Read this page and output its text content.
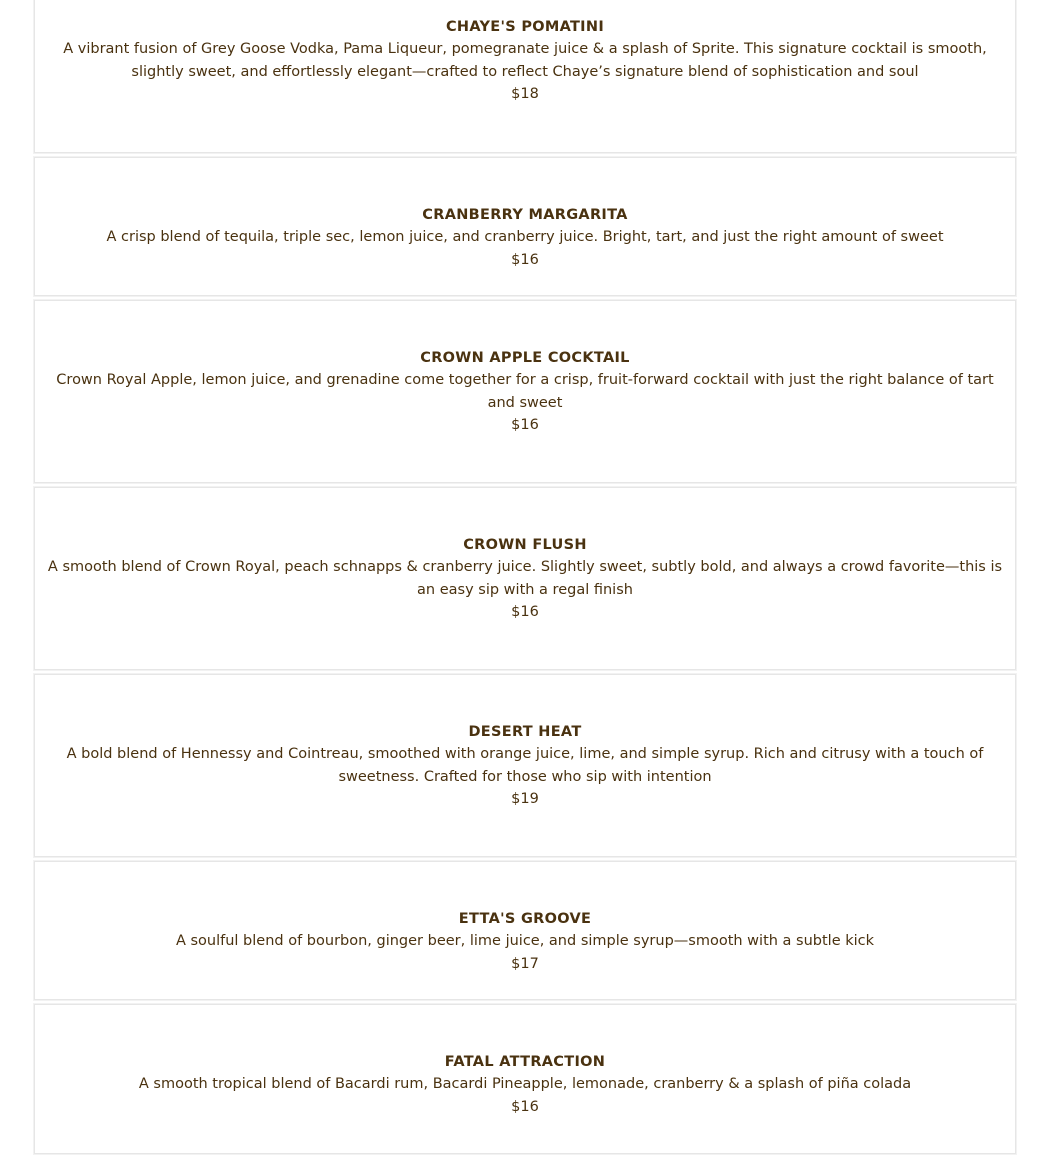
CHAYE'S POMATINI

A vibrant fusion of Grey Goose Vodka, Pama Liqueur, pomegranate juice & a splash of Sprite. This signature cocktail is smooth, slightly sweet, and effortlessly elegant—crafted to reflect Chaye’s signature blend of sophistication and soul

$18

CRANBERRY MARGARITA

A crisp blend of tequila, triple sec, lemon juice, and cranberry juice. Bright, tart, and just the right amount of sweet

$16

CROWN APPLE COCKTAIL

Crown Royal Apple, lemon juice, and grenadine come together for a crisp, fruit-forward cocktail with just the right balance of tart and sweet

$16

CROWN FLUSH

A smooth blend of Crown Royal, peach schnapps & cranberry juice. Slightly sweet, subtly bold, and always a crowd favorite—this is an easy sip with a regal finish

$16

DESERT HEAT

A bold blend of Hennessy and Cointreau, smoothed with orange juice, lime, and simple syrup. Rich and citrusy with a touch of sweetness. Crafted for those who sip with intention

$19

ETTA'S GROOVE

A soulful blend of bourbon, ginger beer, lime juice, and simple syrup—smooth with a subtle kick

$17

FATAL ATTRACTION

A smooth tropical blend of Bacardi rum, Bacardi Pineapple, lemonade, cranberry & a splash of piña colada

$16
